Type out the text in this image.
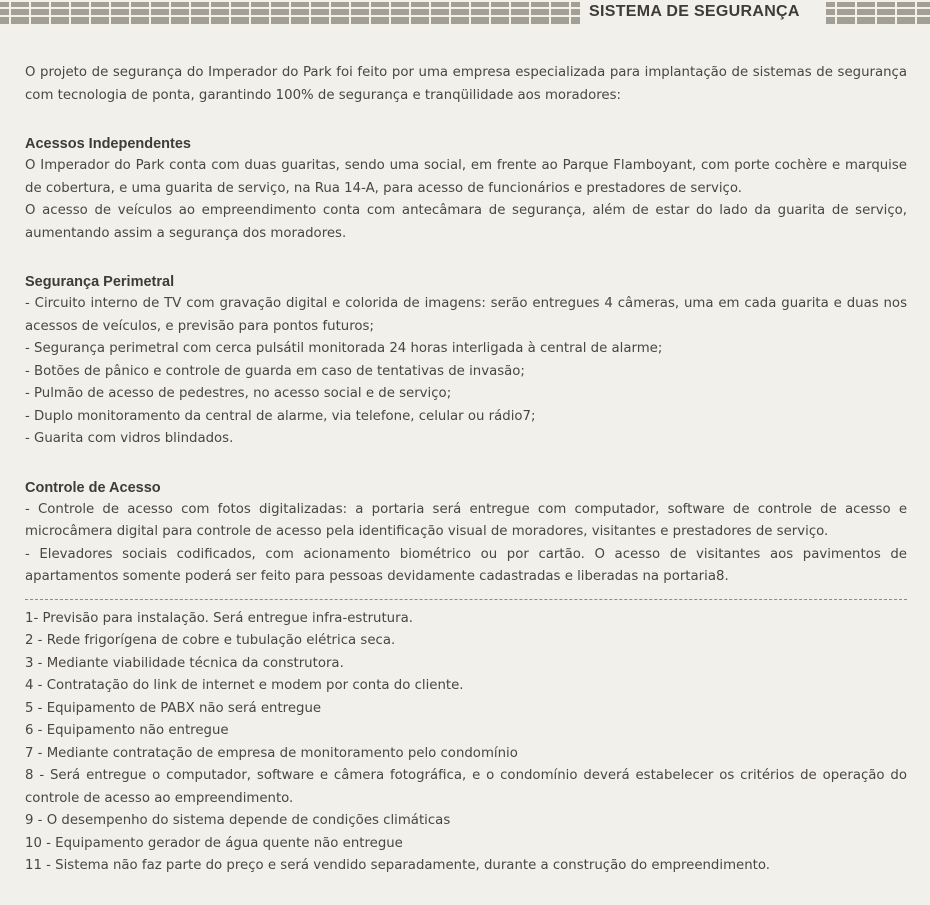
SISTEMA DE SEGURANÇA

O projeto de segurança do Imperador do Park foi feito por uma empresa especializada para implantação de sistemas de segurança com tecnologia de ponta, garantindo 100% de segurança e tranqüilidade aos moradores:

Acessos Independentes

O Imperador do Park conta com duas guaritas, sendo uma social, em frente ao Parque Flamboyant, com porte cochère e marquise de cobertura, e uma guarita de serviço, na Rua 14-A, para acesso de funcionários e prestadores de serviço.

O acesso de veículos ao empreendimento conta com antecâmara de segurança, além de estar do lado da guarita de serviço, aumentando assim a segurança dos moradores.

Segurança Perimetral

- Circuito interno de TV com gravação digital e colorida de imagens: serão entregues 4 câmeras, uma em cada guarita e duas nos acessos de veículos, e previsão para pontos futuros;

- Segurança perimetral com cerca pulsátil monitorada 24 horas interligada à central de alarme;

- Botões de pânico e controle de guarda em caso de tentativas de invasão;

- Pulmão de acesso de pedestres, no acesso social e de serviço;

- Duplo monitoramento da central de alarme, via telefone, celular ou rádio7;

- Guarita com vidros blindados.

Controle de Acesso

- Controle de acesso com fotos digitalizadas: a portaria será entregue com computador, software de controle de acesso e microcâmera digital para controle de acesso pela identificação visual de moradores, visitantes e prestadores de serviço.

- Elevadores sociais codificados, com acionamento biométrico ou por cartão. O acesso de visitantes aos pavimentos de apartamentos somente poderá ser feito para pessoas devidamente cadastradas e liberadas na portaria8.

1- Previsão para instalação. Será entregue infra-estrutura.

2 - Rede frigorígena de cobre e tubulação elétrica seca.

3 - Mediante viabilidade técnica da construtora.

4 - Contratação do link de internet e modem por conta do cliente.

5 - Equipamento de PABX não será entregue

6 - Equipamento não entregue

7 - Mediante contratação de empresa de monitoramento pelo condomínio

8 - Será entregue o computador, software e câmera fotográfica, e o condomínio deverá estabelecer os critérios de operação do controle de acesso ao empreendimento.

9 - O desempenho do sistema depende de condições climáticas

10 - Equipamento gerador de água quente não entregue

11 - Sistema não faz parte do preço e será vendido separadamente, durante a construção do empreendimento.
